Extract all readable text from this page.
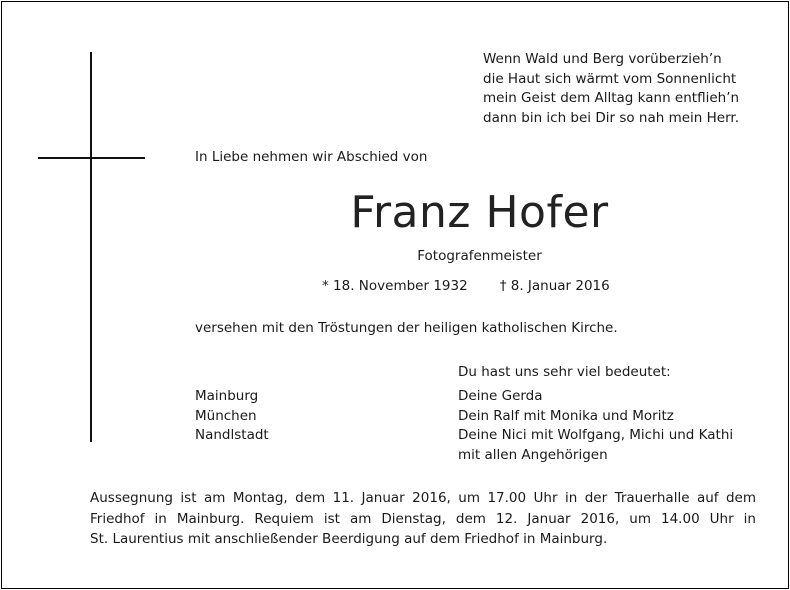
Wenn Wald und Berg vorüberzieh’n
die Haut sich wärmt vom Sonnenlicht
mein Geist dem Alltag kann entflieh’n
dann bin ich bei Dir so nah mein Herr.
In Liebe nehmen wir Abschied von
Franz Hofer
Fotografenmeister
* 18. November 1932 † 8. Januar 2016
versehen mit den Tröstungen der heiligen katholischen Kirche.
Du hast uns sehr viel bedeutet:
Mainburg
München
Nandlstadt
Deine Gerda
Dein Ralf mit Monika und Moritz
Deine Nici mit Wolfgang, Michi und Kathi
mit allen Angehörigen
Aussegnung ist am Montag, dem 11. Januar 2016, um 17.00 Uhr in der Trauerhalle auf dem
Friedhof in Mainburg. Requiem ist am Dienstag, dem 12. Januar 2016, um 14.00 Uhr in
St. Laurentius mit anschließender Beerdigung auf dem Friedhof in Mainburg.
